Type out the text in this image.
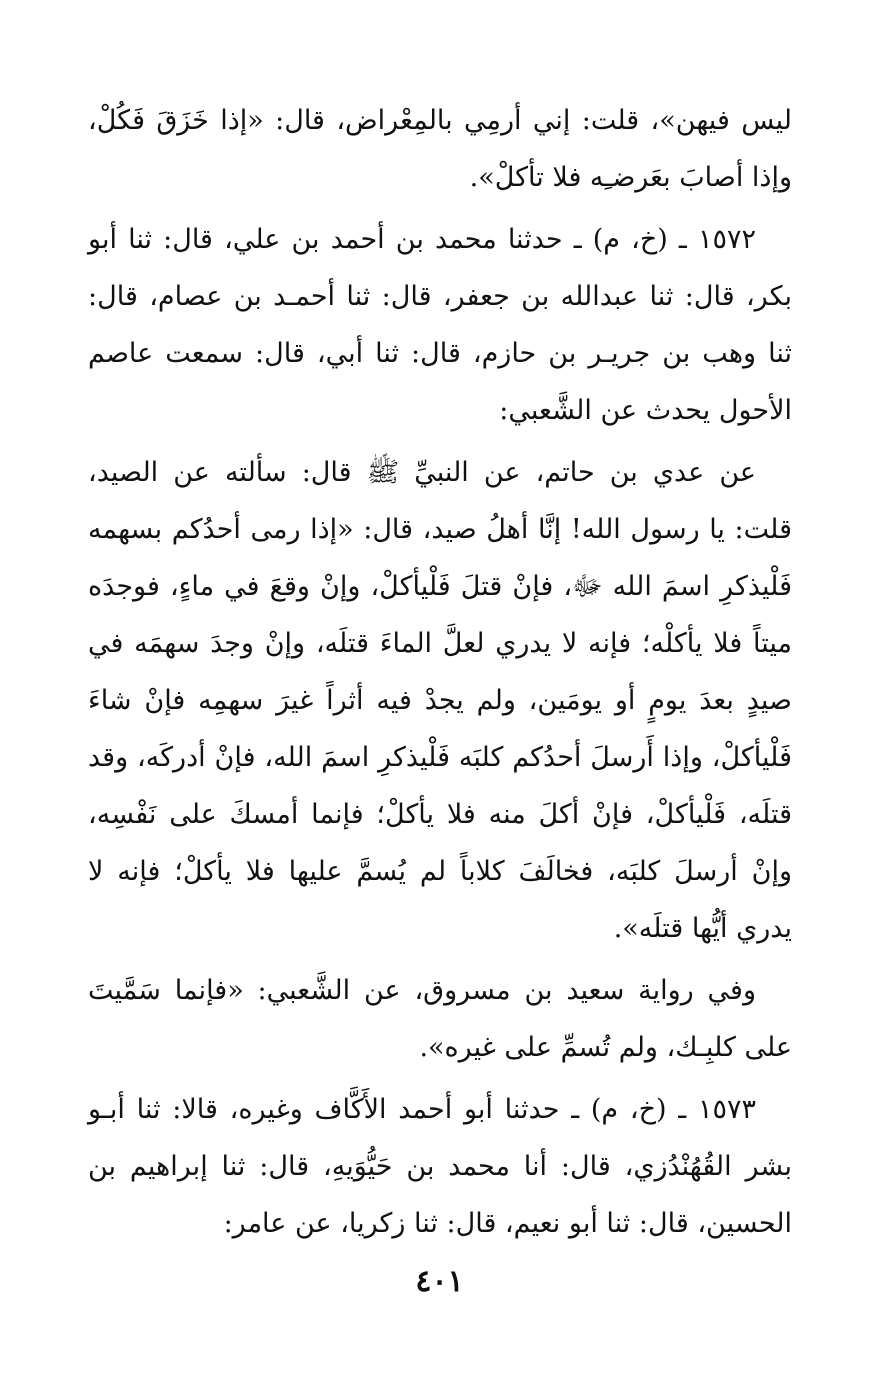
ليس فيهن»، قلت: إني أرمِي بالمِعْراض، قال: «إذا خَزَقَ فَكُلْ، وإذا أصابَ بعَرضـِه فلا تأكلْ».

١٥٧٢ ـ (خ، م) ـ حدثنا محمد بن أحمد بن علي، قال: ثنا أبو بكر، قال: ثنا عبدالله بن جعفر، قال: ثنا أحمـد بن عصام، قال: ثنا وهب بن جريـر بن حازم، قال: ثنا أبي، قال: سمعت عاصم الأحول يحدث عن الشَّعبي:

عن عدي بن حاتم، عن النبيِّ ﷺ قال: سألته عن الصيد، قلت: يا رسول الله! إنَّا أهلُ صيد، قال: «إذا رمى أحدُكم بسهمه فَلْيذكرِ اسمَ الله ﷻ، فإنْ قتلَ فَلْيأكلْ، وإنْ وقعَ في ماءٍ، فوجدَه ميتاً فلا يأكلْه؛ فإنه لا يدري لعلَّ الماءَ قتلَه، وإنْ وجدَ سهمَه في صيدٍ بعدَ يومٍ أو يومَين، ولم يجدْ فيه أثراً غيرَ سهمِه فإنْ شاءَ فَلْيأكلْ، وإذا أَرسلَ أحدُكم كلبَه فَلْيذكرِ اسمَ الله، فإنْ أدركَه، وقد قتلَه، فَلْيأكلْ، فإنْ أكلَ منه فلا يأكلْ؛ فإنما أمسكَ على نَفْسِه، وإنْ أرسلَ كلبَه، فخالَفَ كلاباً لم يُسمَّ عليها فلا يأكلْ؛ فإنه لا يدري أيُّها قتلَه».

وفي رواية سعيد بن مسروق، عن الشَّعبي: «فإنما سَمَّيتَ على كلبِـك، ولم تُسمِّ على غيره».

١٥٧٣ ـ (خ، م) ـ حدثنا أبو أحمد الأَكَّاف وغيره، قالا: ثنا أبـو بشر القُهُنْدُزي، قال: أنا محمد بن حَيُّوَيهِ، قال: ثنا إبراهيم بن الحسين، قال: ثنا أبو نعيم، قال: ثنا زكريا، عن عامر:

٤٠١
